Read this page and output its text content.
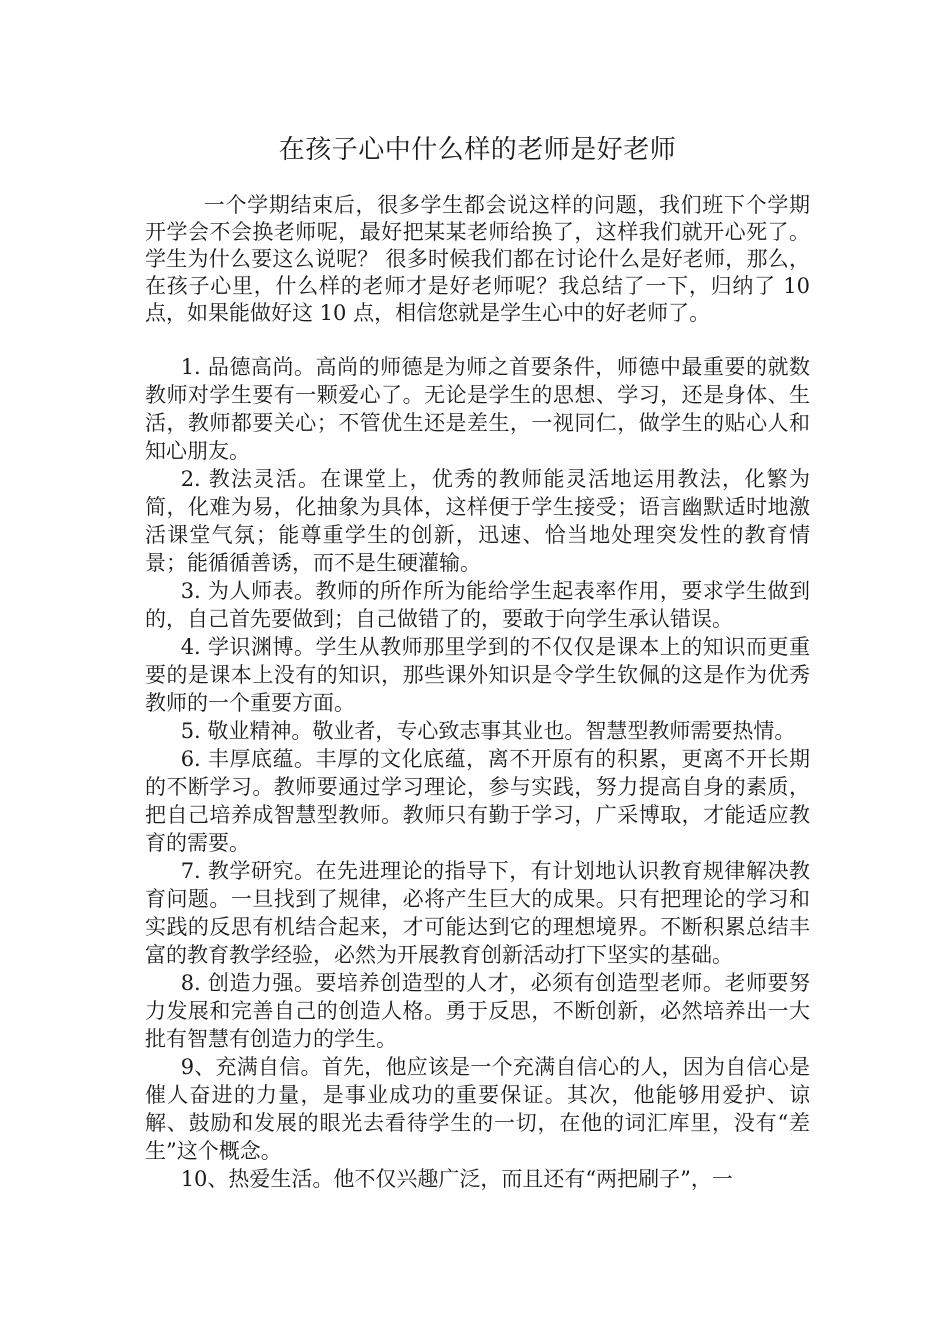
在孩子心中什么样的老师是好老师

一个学期结束后，很多学生都会说这样的问题，我们班下个学期开学会不会换老师呢，最好把某某老师给换了，这样我们就开心死了。学生为什么要这么说呢？ 很多时候我们都在讨论什么是好老师，那么，在孩子心里，什么样的老师才是好老师呢？我总结了一下，归纳了 10 点，如果能做好这 10 点，相信您就是学生心中的好老师了。

1. 品德高尚。高尚的师德是为师之首要条件，师德中最重要的就数教师对学生要有一颗爱心了。无论是学生的思想、学习，还是身体、生活，教师都要关心；不管优生还是差生，一视同仁，做学生的贴心人和知心朋友。

2. 教法灵活。在课堂上，优秀的教师能灵活地运用教法，化繁为简，化难为易，化抽象为具体，这样便于学生接受；语言幽默适时地激活课堂气氛；能尊重学生的创新，迅速、恰当地处理突发性的教育情景；能循循善诱，而不是生硬灌输。

3. 为人师表。教师的所作所为能给学生起表率作用，要求学生做到的，自己首先要做到；自己做错了的，要敢于向学生承认错误。

4. 学识渊博。学生从教师那里学到的不仅仅是课本上的知识而更重要的是课本上没有的知识，那些课外知识是令学生钦佩的这是作为优秀教师的一个重要方面。

5. 敬业精神。敬业者，专心致志事其业也。智慧型教师需要热情。

6. 丰厚底蕴。丰厚的文化底蕴，离不开原有的积累，更离不开长期的不断学习。教师要通过学习理论，参与实践，努力提高自身的素质，把自己培养成智慧型教师。教师只有勤于学习，广采博取，才能适应教育的需要。

7. 教学研究。在先进理论的指导下，有计划地认识教育规律解决教育问题。一旦找到了规律，必将产生巨大的成果。只有把理论的学习和实践的反思有机结合起来，才可能达到它的理想境界。不断积累总结丰富的教育教学经验，必然为开展教育创新活动打下坚实的基础。

8. 创造力强。要培养创造型的人才，必须有创造型老师。老师要努力发展和完善自己的创造人格。勇于反思，不断创新，必然培养出一大批有智慧有创造力的学生。

9、充满自信。首先，他应该是一个充满自信心的人，因为自信心是催人奋进的力量，是事业成功的重要保证。其次，他能够用爱护、谅解、鼓励和发展的眼光去看待学生的一切，在他的词汇库里，没有“差生”这个概念。

10、热爱生活。他不仅兴趣广泛，而且还有“两把刷子”，一
